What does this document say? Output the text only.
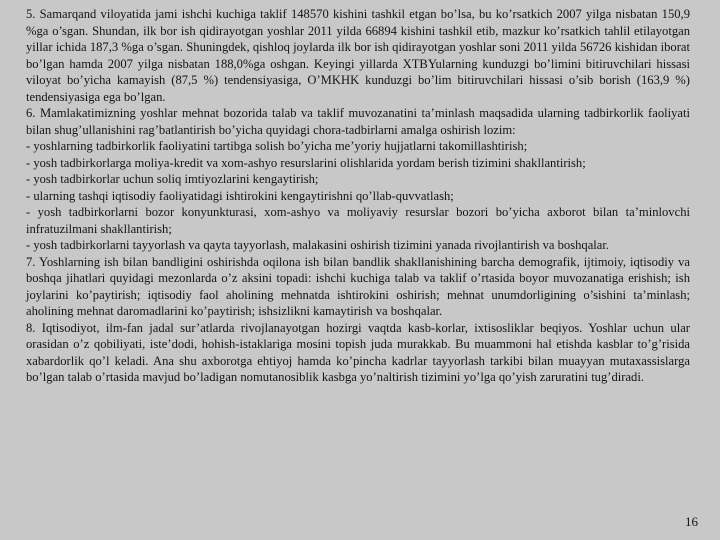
5. Samarqand viloyatida jami ishchi kuchiga taklif 148570 kishini tashkil etgan bo’lsa, bu ko’rsatkich 2007 yilga nisbatan 150,9 %ga o’sgan. Shundan, ilk bor ish qidirayotgan yoshlar 2011 yilda 66894 kishini tashkil etib, mazkur ko’rsatkich tahlil etilayotgan yillar ichida 187,3 %ga o’sgan. Shuningdek, qishloq joylarda ilk bor ish qidirayotgan yoshlar soni 2011 yilda 56726 kishidan iborat bo’lgan hamda 2007 yilga nisbatan 188,0%ga oshgan. Keyingi yillarda XTBYularning kunduzgi bo’limini bitiruvchilari hissasi viloyat bo’yicha kamayish (87,5 %) tendensiyasiga, O’MKHK kunduzgi bo’lim bitiruvchilari hissasi o’sib borish (163,9 %) tendensiyasiga ega bo’lgan.

6. Mamlakatimizning yoshlar mehnat bozorida talab va taklif muvozanatini ta’minlash maqsadida ularning tadbirkorlik faoliyati bilan shug’ullanishini rag’batlantirish bo’yicha quyidagi chora-tadbirlarni amalga oshirish lozim:

- yoshlarning tadbirkorlik faoliyatini tartibga solish bo’yicha me’yoriy hujjatlarni takomillashtirish;

- yosh tadbirkorlarga moliya-kredit va xom-ashyo resurslarini olishlarida yordam berish tizimini shakllantirish;

- yosh tadbirkorlar uchun soliq imtiyozlarini kengaytirish;

- ularning tashqi iqtisodiy faoliyatidagi ishtirokini kengaytirishni qo’llab-quvvatlash;

- yosh tadbirkorlarni bozor konyunkturasi, xom-ashyo va moliyaviy resurslar bozori bo’yicha axborot bilan ta’minlovchi infratuzilmani shakllantirish;

- yosh tadbirkorlarni tayyorlash va qayta tayyorlash, malakasini oshirish tizimini yanada rivojlantirish va boshqalar.

7. Yoshlarning ish bilan bandligini oshirishda oqilona ish bilan bandlik shakllanishining barcha demografik, ijtimoiy, iqtisodiy va boshqa jihatlari quyidagi mezonlarda o’z aksini topadi: ishchi kuchiga talab va taklif o’rtasida boyor muvozanatiga erishish; ish joylarini ko’paytirish; iqtisodiy faol aholining mehnatda ishtirokini oshirish; mehnat unumdorligining o’sishini ta’minlash; aholining mehnat daromadlarini ko’paytirish; ishsizlikni kamaytirish va boshqalar.

8. Iqtisodiyot, ilm-fan jadal sur’atlarda rivojlanayotgan hozirgi vaqtda kasb-korlar, ixtisosliklar beqiyos. Yoshlar uchun ular orasidan o’z qobiliyati, iste’dodi, hohish-istaklariga mosini topish juda murakkab. Bu muammoni hal etishda kasblar to’g’risida xabardorlik qo’l keladi. Ana shu axborotga ehtiyoj hamda ko’pincha kadrlar tayyorlash tarkibi bilan muayyan mutaxassislarga bo’lgan talab o’rtasida mavjud bo’ladigan nomutanosiblik kasbga yo’naltirish tizimini yo’lga qo’yish zaruratini tug’diradi.

16
